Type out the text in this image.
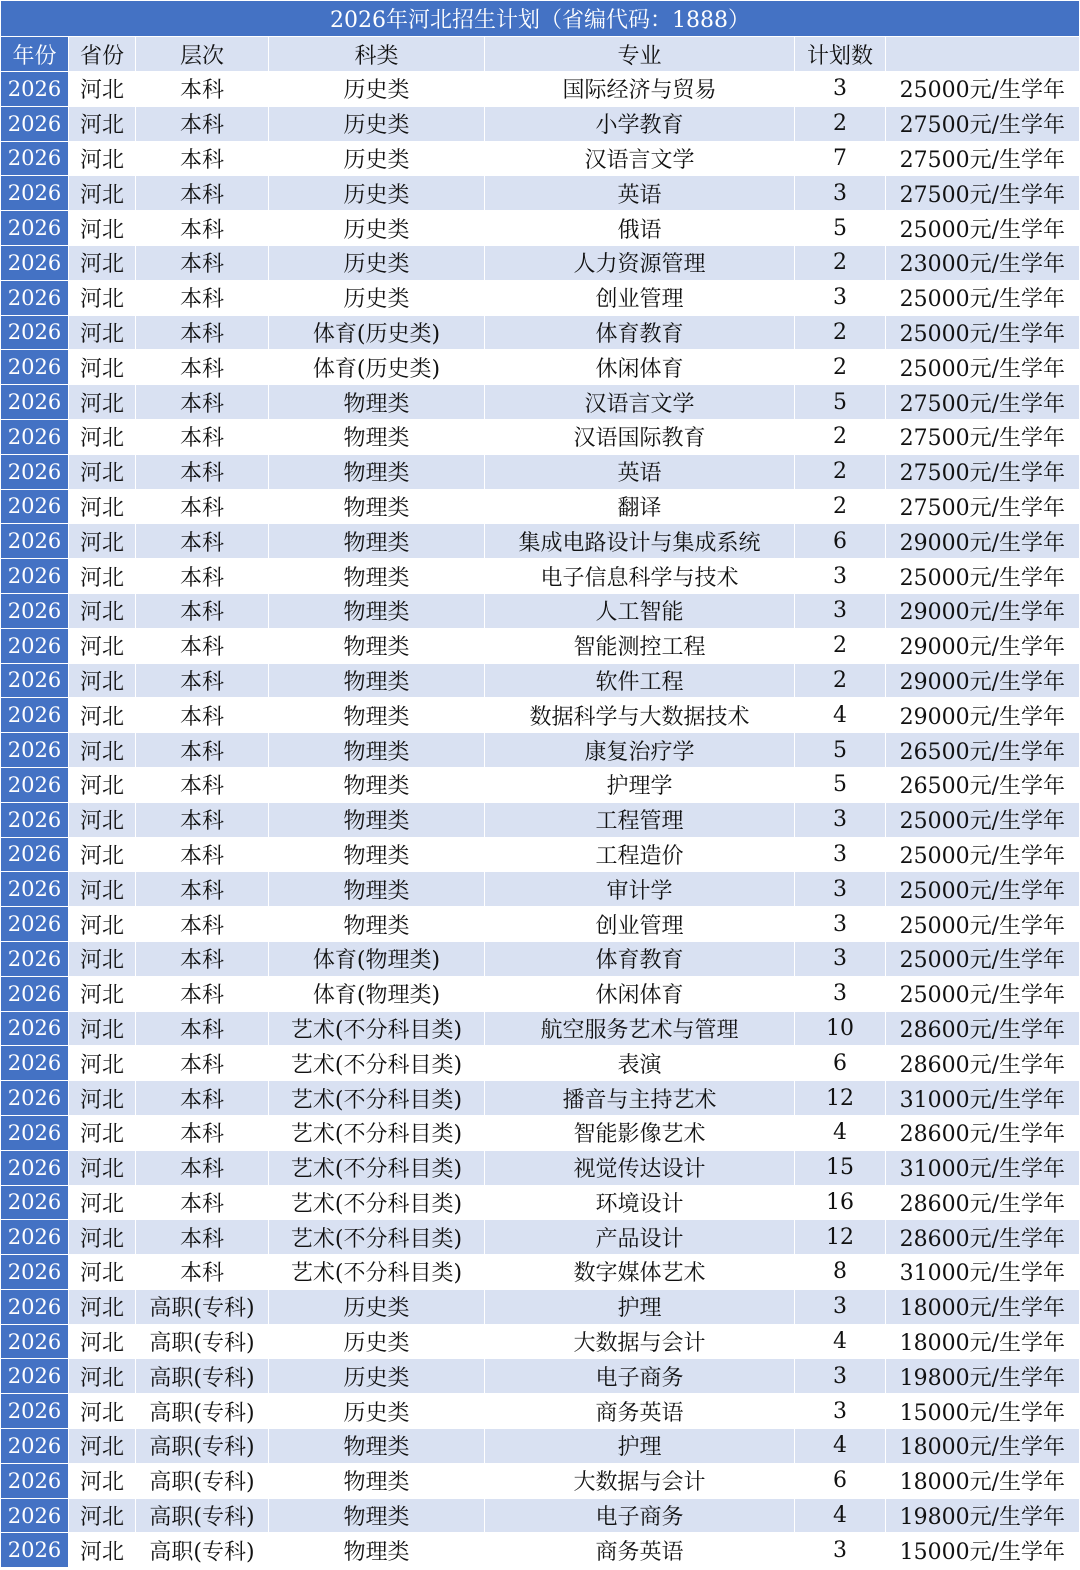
2026年河北招生计划（省编代码：1888）						
年份	省份	层次	科类	专业	计划数	
2026	河北	本科	历史类	国际经济与贸易	3	25000元/生学年
2026	河北	本科	历史类	小学教育	2	27500元/生学年
2026	河北	本科	历史类	汉语言文学	7	27500元/生学年
2026	河北	本科	历史类	英语	3	27500元/生学年
2026	河北	本科	历史类	俄语	5	25000元/生学年
2026	河北	本科	历史类	人力资源管理	2	23000元/生学年
2026	河北	本科	历史类	创业管理	3	25000元/生学年
2026	河北	本科	体育(历史类)	体育教育	2	25000元/生学年
2026	河北	本科	体育(历史类)	休闲体育	2	25000元/生学年
2026	河北	本科	物理类	汉语言文学	5	27500元/生学年
2026	河北	本科	物理类	汉语国际教育	2	27500元/生学年
2026	河北	本科	物理类	英语	2	27500元/生学年
2026	河北	本科	物理类	翻译	2	27500元/生学年
2026	河北	本科	物理类	集成电路设计与集成系统	6	29000元/生学年
2026	河北	本科	物理类	电子信息科学与技术	3	25000元/生学年
2026	河北	本科	物理类	人工智能	3	29000元/生学年
2026	河北	本科	物理类	智能测控工程	2	29000元/生学年
2026	河北	本科	物理类	软件工程	2	29000元/生学年
2026	河北	本科	物理类	数据科学与大数据技术	4	29000元/生学年
2026	河北	本科	物理类	康复治疗学	5	26500元/生学年
2026	河北	本科	物理类	护理学	5	26500元/生学年
2026	河北	本科	物理类	工程管理	3	25000元/生学年
2026	河北	本科	物理类	工程造价	3	25000元/生学年
2026	河北	本科	物理类	审计学	3	25000元/生学年
2026	河北	本科	物理类	创业管理	3	25000元/生学年
2026	河北	本科	体育(物理类)	体育教育	3	25000元/生学年
2026	河北	本科	体育(物理类)	休闲体育	3	25000元/生学年
2026	河北	本科	艺术(不分科目类)	航空服务艺术与管理	10	28600元/生学年
2026	河北	本科	艺术(不分科目类)	表演	6	28600元/生学年
2026	河北	本科	艺术(不分科目类)	播音与主持艺术	12	31000元/生学年
2026	河北	本科	艺术(不分科目类)	智能影像艺术	4	28600元/生学年
2026	河北	本科	艺术(不分科目类)	视觉传达设计	15	31000元/生学年
2026	河北	本科	艺术(不分科目类)	环境设计	16	28600元/生学年
2026	河北	本科	艺术(不分科目类)	产品设计	12	28600元/生学年
2026	河北	本科	艺术(不分科目类)	数字媒体艺术	8	31000元/生学年
2026	河北	高职(专科)	历史类	护理	3	18000元/生学年
2026	河北	高职(专科)	历史类	大数据与会计	4	18000元/生学年
2026	河北	高职(专科)	历史类	电子商务	3	19800元/生学年
2026	河北	高职(专科)	历史类	商务英语	3	15000元/生学年
2026	河北	高职(专科)	物理类	护理	4	18000元/生学年
2026	河北	高职(专科)	物理类	大数据与会计	6	18000元/生学年
2026	河北	高职(专科)	物理类	电子商务	4	19800元/生学年
2026	河北	高职(专科)	物理类	商务英语	3	15000元/生学年
